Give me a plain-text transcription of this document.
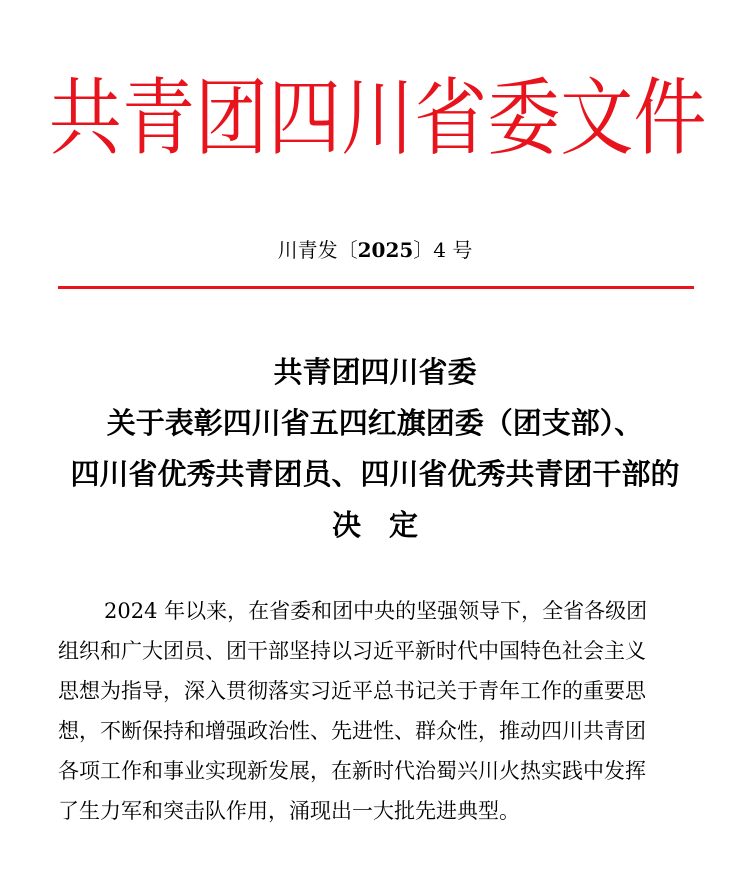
共青团四川省委文件
川青发〔2025〕4 号
共青团四川省委
关于表彰四川省五四红旗团委（团支部）、
四川省优秀共青团员、四川省优秀共青团干部的
决定
2024 年以来，在省委和团中央的坚强领导下，全省各级团
组织和广大团员、团干部坚持以习近平新时代中国特色社会主义
思想为指导，深入贯彻落实习近平总书记关于青年工作的重要思
想，不断保持和增强政治性、先进性、群众性，推动四川共青团
各项工作和事业实现新发展，在新时代治蜀兴川火热实践中发挥
了生力军和突击队作用，涌现出一大批先进典型。
